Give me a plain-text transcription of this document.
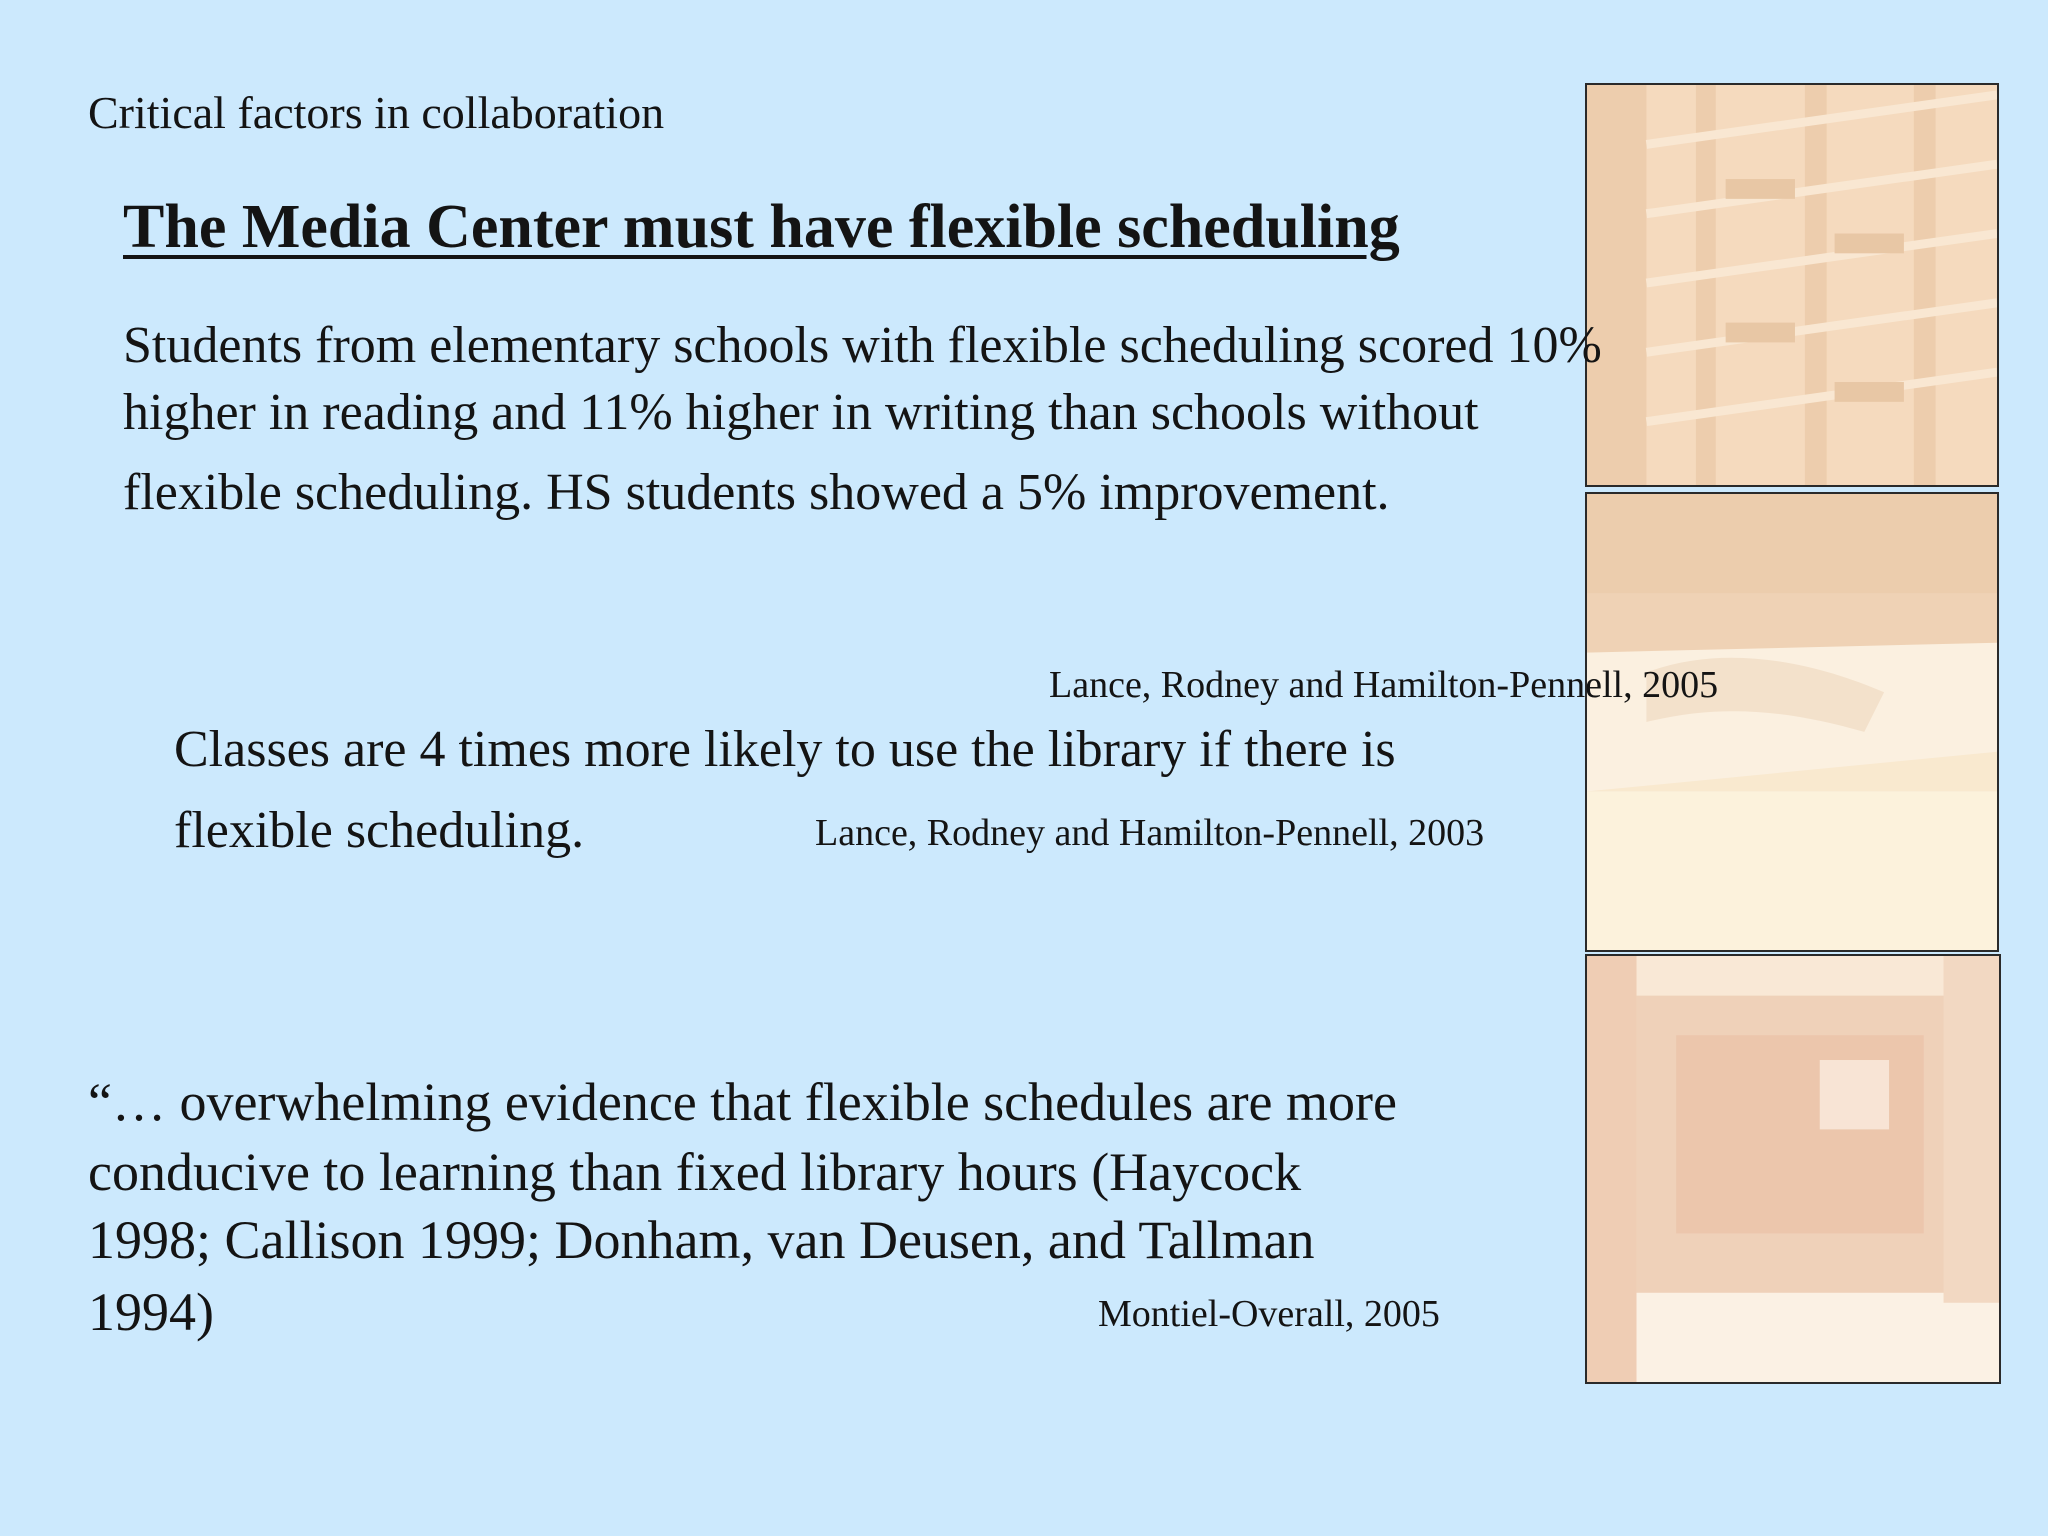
Critical factors in collaboration
The Media Center must have flexible scheduling
Students from elementary schools with flexible scheduling scored 10%
higher in reading and 11% higher in writing than schools without
flexible scheduling. HS students showed a 5% improvement.
Lance, Rodney and Hamilton-Pennell, 2005
Classes are 4 times more likely to use the library if there is
flexible scheduling.	Lance, Rodney and Hamilton-Pennell, 2003
“… overwhelming evidence that flexible schedules are more
conducive to learning than fixed library hours (Haycock
1998; Callison 1999; Donham, van Deusen, and Tallman
1994)	Montiel-Overall, 2005
